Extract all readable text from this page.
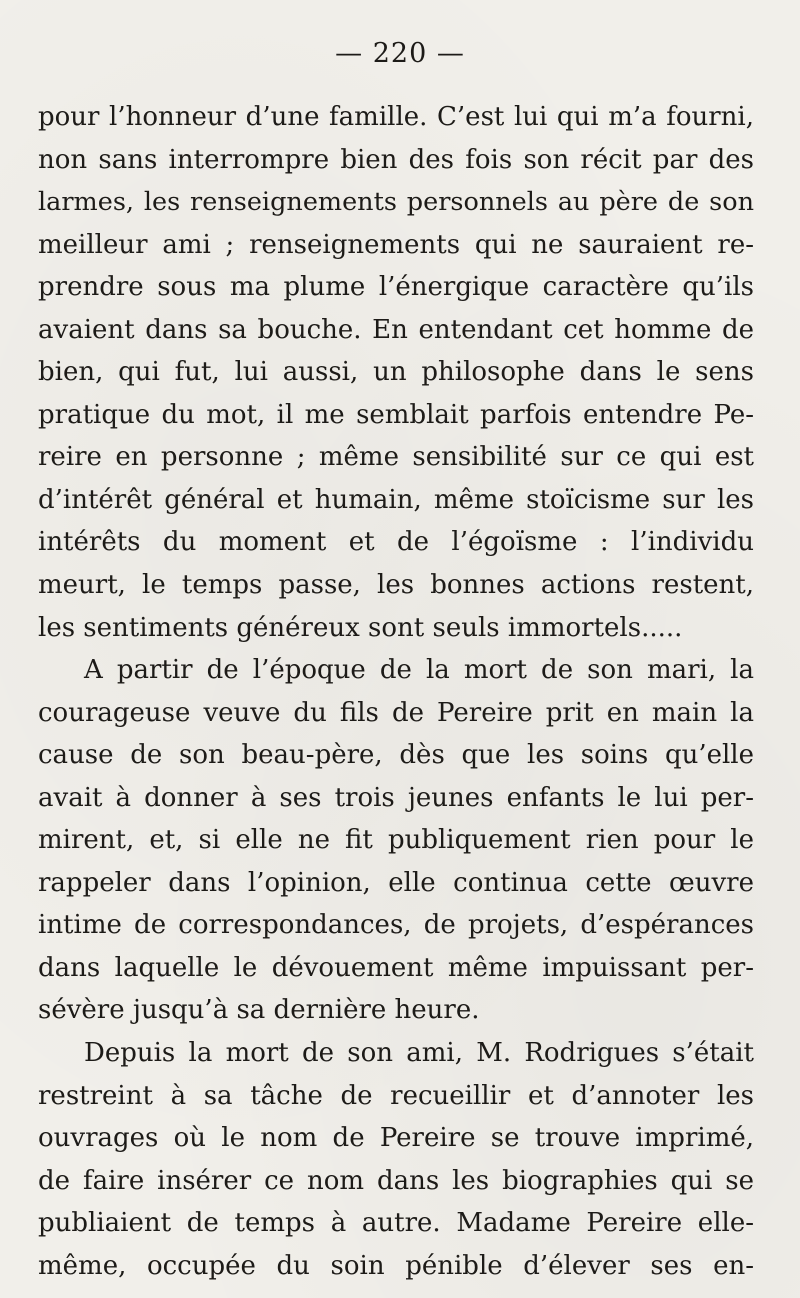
— 220 —
pour l’honneur d’une famille. C’est lui qui m’a fourni,
non sans interrompre bien des fois son récit par des
larmes, les renseignements personnels au père de son
meilleur ami ; renseignements qui ne sauraient re-
prendre sous ma plume l’énergique caractère qu’ils
avaient dans sa bouche. En entendant cet homme de
bien, qui fut, lui aussi, un philosophe dans le sens
pratique du mot, il me semblait parfois entendre Pe-
reire en personne ; même sensibilité sur ce qui est
d’intérêt général et humain, même stoïcisme sur les
intérêts du moment et de l’égoïsme : l’individu
meurt, le temps passe, les bonnes actions restent,
les sentiments généreux sont seuls immortels.....
A partir de l’époque de la mort de son mari, la
courageuse veuve du fils de Pereire prit en main la
cause de son beau-père, dès que les soins qu’elle
avait à donner à ses trois jeunes enfants le lui per-
mirent, et, si elle ne fit publiquement rien pour le
rappeler dans l’opinion, elle continua cette œuvre
intime de correspondances, de projets, d’espérances
dans laquelle le dévouement même impuissant per-
sévère jusqu’à sa dernière heure.
Depuis la mort de son ami, M. Rodrigues s’était
restreint à sa tâche de recueillir et d’annoter les
ouvrages où le nom de Pereire se trouve imprimé,
de faire insérer ce nom dans les biographies qui se
publiaient de temps à autre. Madame Pereire elle-
même, occupée du soin pénible d’élever ses en-
